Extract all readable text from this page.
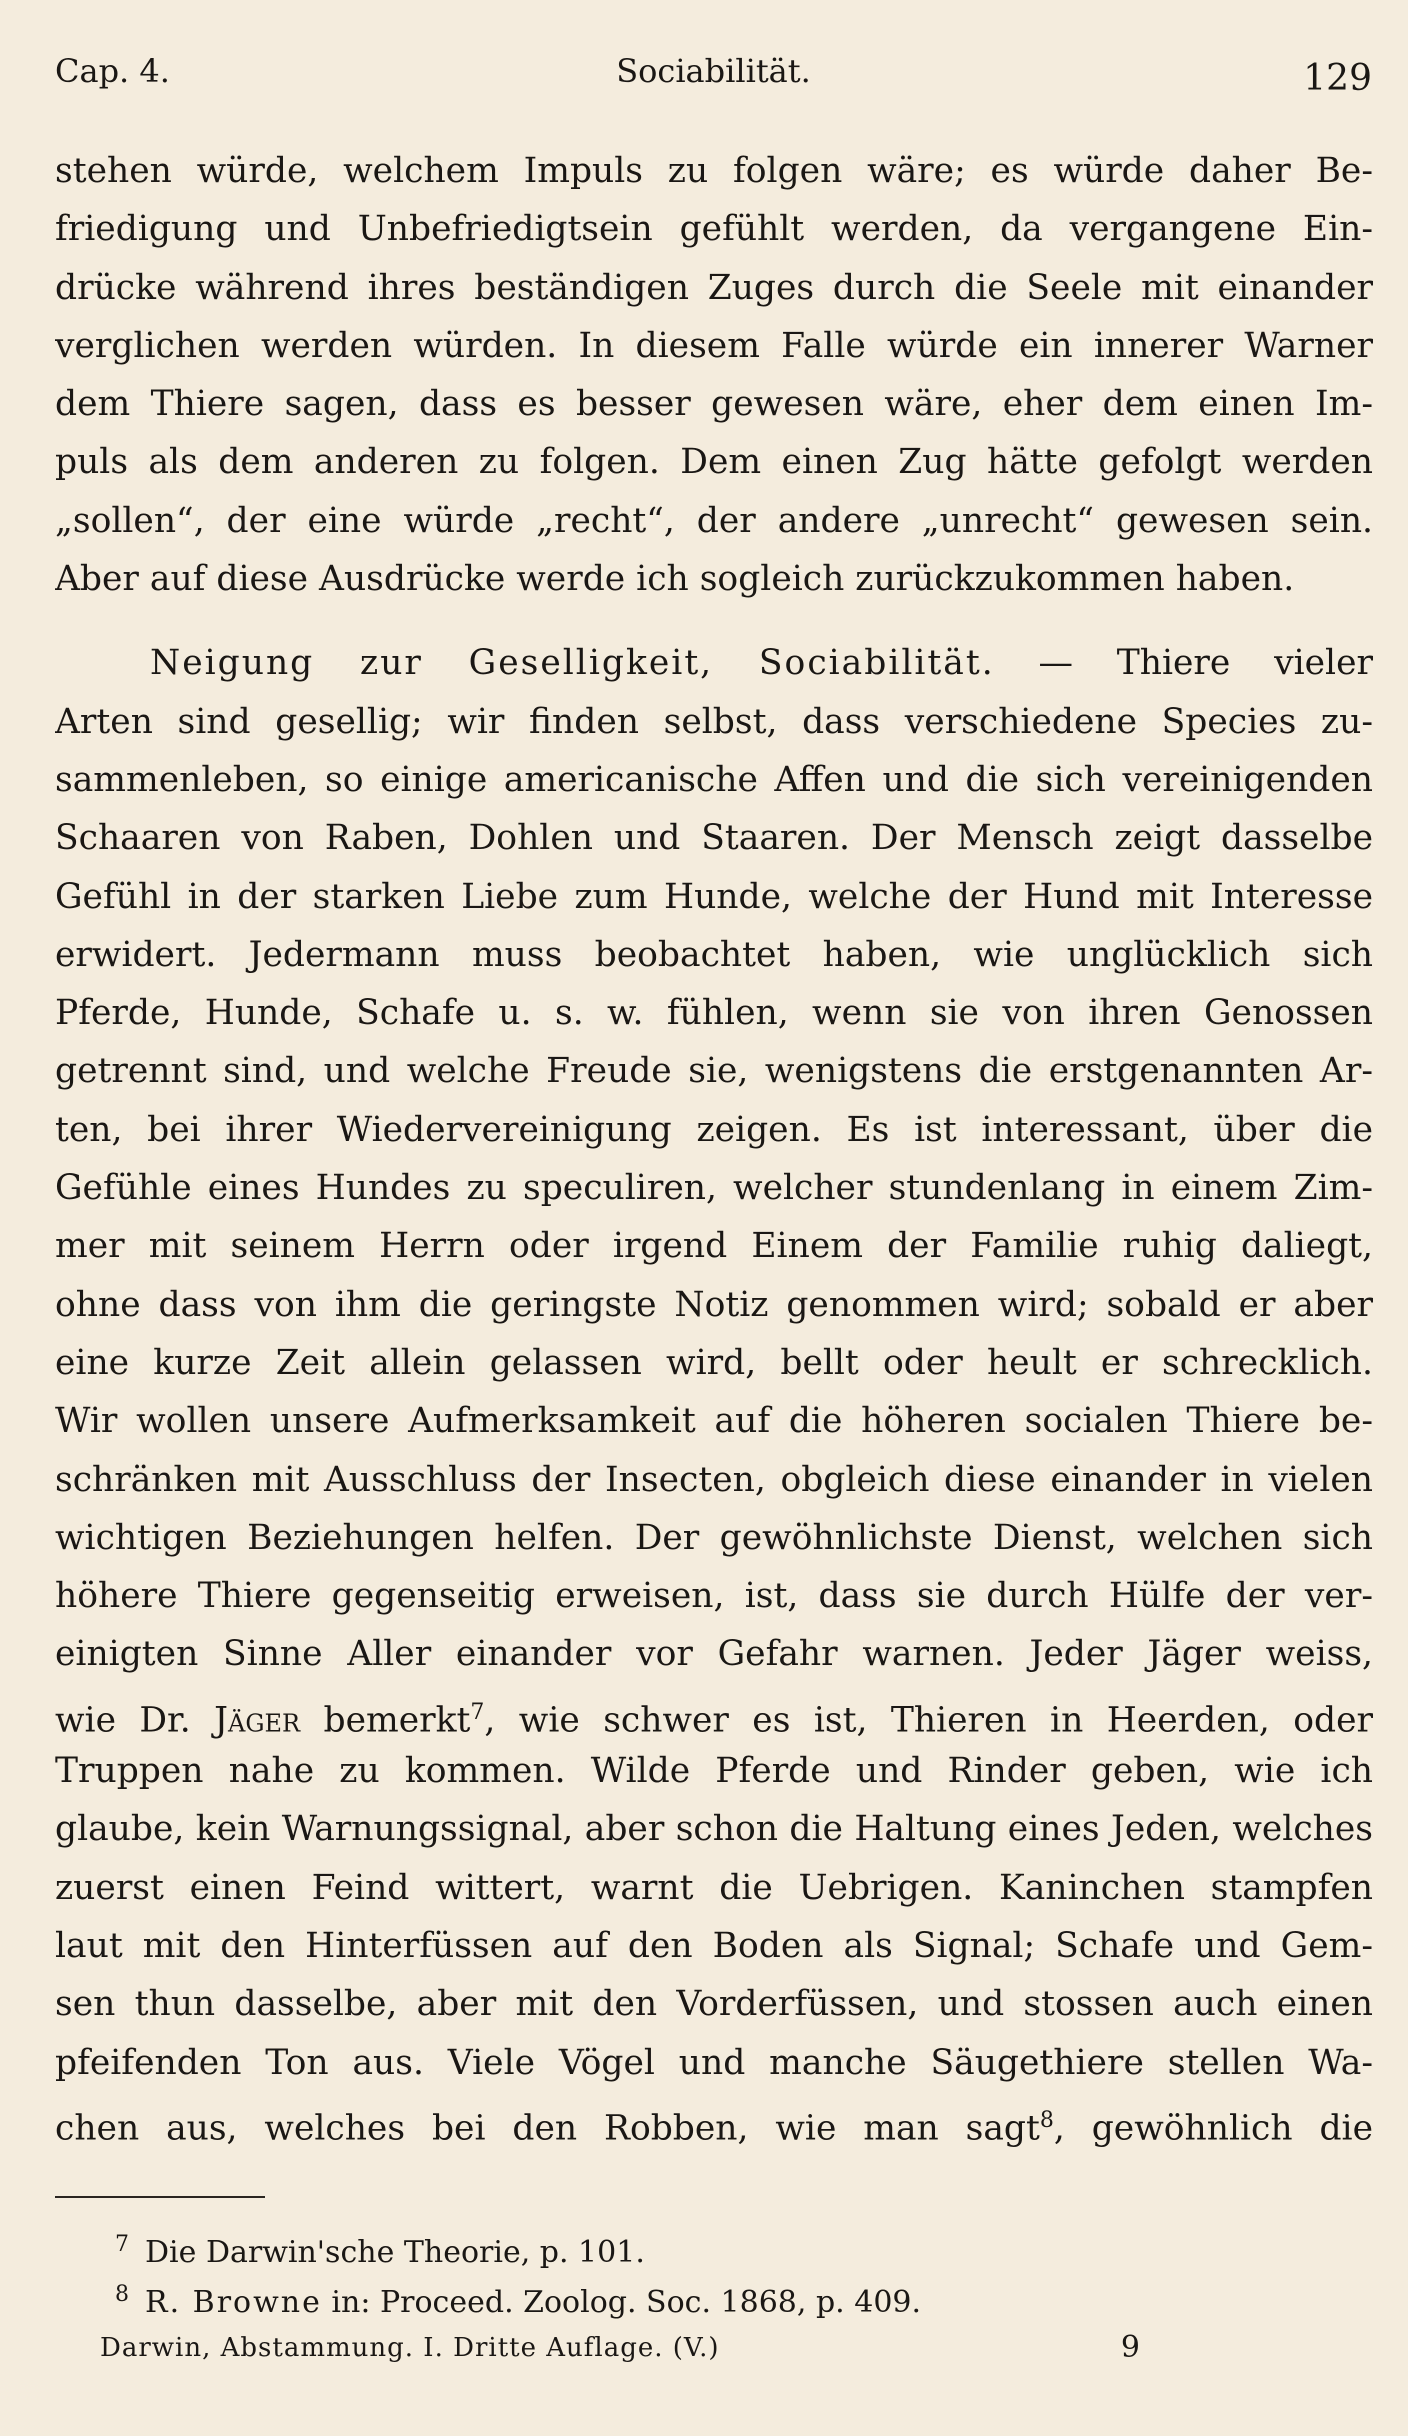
Cap. 4.	Sociabilität.	129
stehen würde, welchem Impuls zu folgen wäre; es würde daher Be-
friedigung und Unbefriedigtsein gefühlt werden, da vergangene Ein-
drücke während ihres beständigen Zuges durch die Seele mit einander
verglichen werden würden. In diesem Falle würde ein innerer Warner
dem Thiere sagen, dass es besser gewesen wäre, eher dem einen Im-
puls als dem anderen zu folgen. Dem einen Zug hätte gefolgt werden
„sollen“, der eine würde „recht“, der andere „unrecht“ gewesen sein.
Aber auf diese Ausdrücke werde ich sogleich zurückzukommen haben.
Neigung zur Geselligkeit, Sociabilität. — Thiere vieler
Arten sind gesellig; wir finden selbst, dass verschiedene Species zu-
sammenleben, so einige americanische Affen und die sich vereinigenden
Schaaren von Raben, Dohlen und Staaren. Der Mensch zeigt dasselbe
Gefühl in der starken Liebe zum Hunde, welche der Hund mit Interesse
erwidert. Jedermann muss beobachtet haben, wie unglücklich sich
Pferde, Hunde, Schafe u. s. w. fühlen, wenn sie von ihren Genossen
getrennt sind, und welche Freude sie, wenigstens die erstgenannten Ar-
ten, bei ihrer Wiedervereinigung zeigen. Es ist interessant, über die
Gefühle eines Hundes zu speculiren, welcher stundenlang in einem Zim-
mer mit seinem Herrn oder irgend Einem der Familie ruhig daliegt,
ohne dass von ihm die geringste Notiz genommen wird; sobald er aber
eine kurze Zeit allein gelassen wird, bellt oder heult er schrecklich.
Wir wollen unsere Aufmerksamkeit auf die höheren socialen Thiere be-
schränken mit Ausschluss der Insecten, obgleich diese einander in vielen
wichtigen Beziehungen helfen. Der gewöhnlichste Dienst, welchen sich
höhere Thiere gegenseitig erweisen, ist, dass sie durch Hülfe der ver-
einigten Sinne Aller einander vor Gefahr warnen. Jeder Jäger weiss,
wie Dr. Jäger bemerkt$^7$, wie schwer es ist, Thieren in Heerden, oder
Truppen nahe zu kommen. Wilde Pferde und Rinder geben, wie ich
glaube, kein Warnungssignal, aber schon die Haltung eines Jeden, welches
zuerst einen Feind wittert, warnt die Uebrigen. Kaninchen stampfen
laut mit den Hinterfüssen auf den Boden als Signal; Schafe und Gem-
sen thun dasselbe, aber mit den Vorderfüssen, und stossen auch einen
pfeifenden Ton aus. Viele Vögel und manche Säugethiere stellen Wa-
chen aus, welches bei den Robben, wie man sagt$^8$, gewöhnlich die
$^7$ Die Darwin'sche Theorie, p. 101.
$^8$ R. Browne in: Proceed. Zoolog. Soc. 1868, p. 409.
Darwin, Abstammung. I. Dritte Auflage. (V.)	9
